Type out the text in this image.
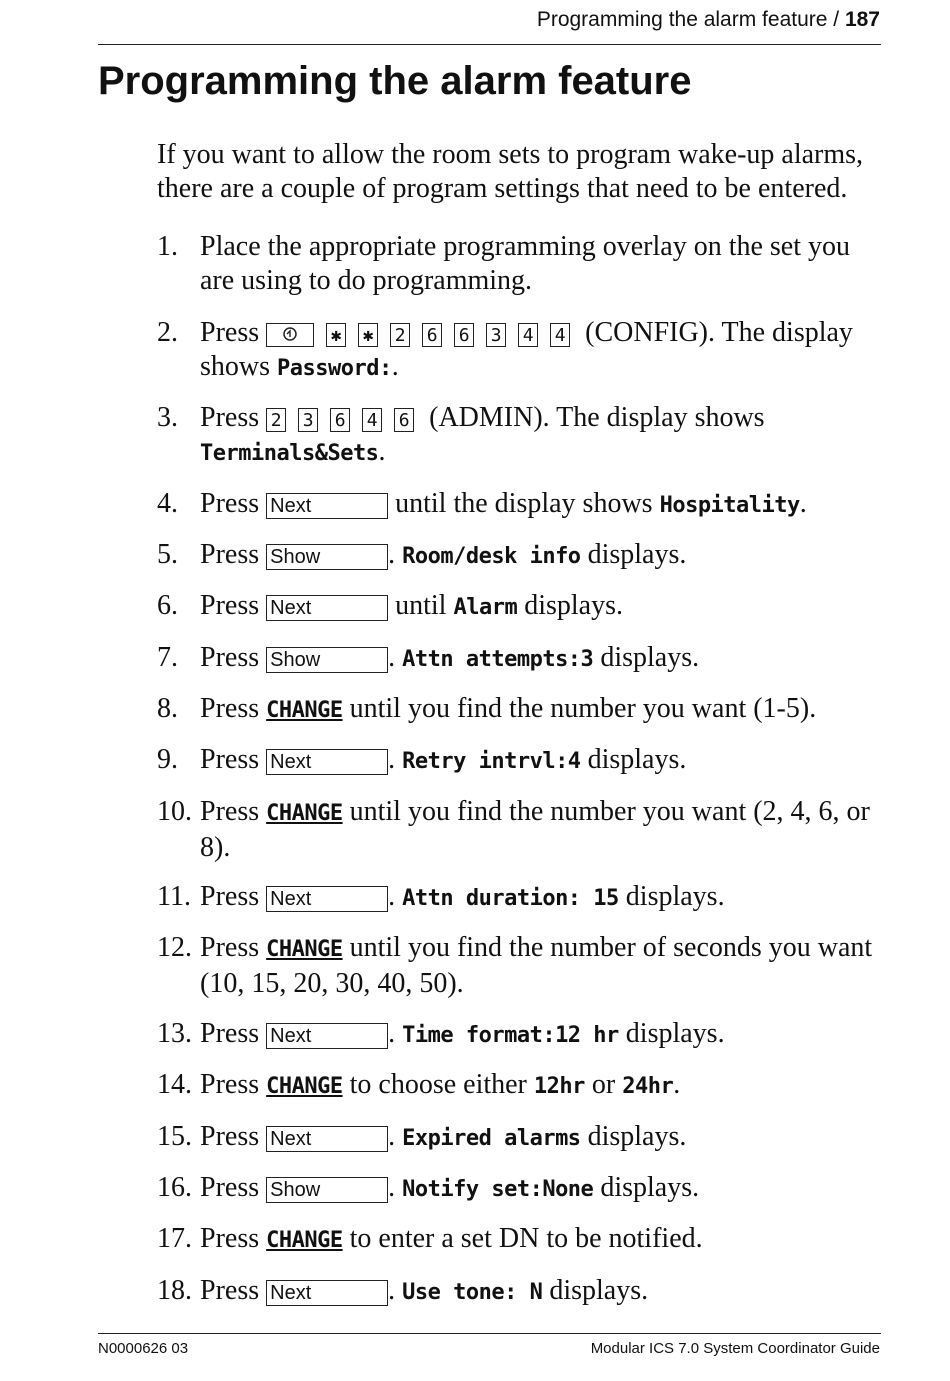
Programming the alarm feature / 187
Programming the alarm feature

If you want to allow the room sets to program wake-up alarms, there are a couple of program settings that need to be entered.

1. Place the appropriate programming overlay on the set you are using to do programming.
2. Press	✱ ✱ 2 6 6 3 4 4 (CONFIG). The display shows Password:.
3. Press 2 3 6 4 6 (ADMIN). The display shows Terminals&Sets.
4. Press Next	until the display shows Hospitality.
5. Press Show . Room/desk info displays.
6. Press Next	until Alarm displays.
7. Press Show . Attn attempts:3 displays.
8. Press CHANGE until you find the number you want (1-5).
9. Press Next	. Retry intrvl:4 displays.
10. Press CHANGE until you find the number you want (2, 4, 6, or 8).
11. Press Next	. Attn duration: 15 displays.
12. Press CHANGE until you find the number of seconds you want (10, 15, 20, 30, 40, 50).
13. Press Next	. Time format:12 hr displays.
14. Press CHANGE to choose either 12hr or 24hr.
15. Press Next	. Expired alarms displays.
16. Press Show . Notify set:None displays.
17. Press CHANGE to enter a set DN to be notified.
18. Press Next	. Use tone: N displays.
N0000626 03	Modular ICS 7.0 System Coordinator Guide
